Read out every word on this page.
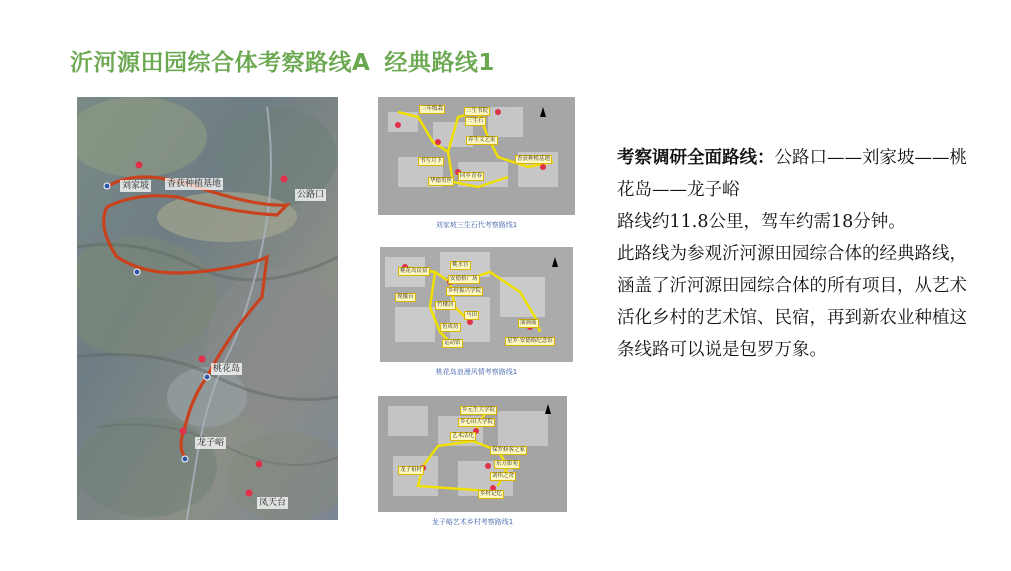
沂河源田园综合体考察路线A 经典路线1
刘家坡 香获种植基地
公路口
桃花岛
龙子峪
凤天台
三年级栽	三生书院
三生石
养生文艺家
香获种植基地
同乡青春
书写月下
华德男丝
刘家坡三生石代考察路线1
桃花岛民宿
桃水宫
安德格广场
现摄台
乡村振兴学院
竹楼居
马田
鱼成坊
运动馆
油画展
星罗·安德格纪念馆
桃花岛浪漫风情考察路线1
乡元生大学院
乡心田大学院
艺术活化
保罗修客之家
东方影苑
龙子祖村
刘伟之舍
乡村记忆
龙子峪艺术乡村考察路线1

考察调研全面路线：公路口——刘家坡——桃花岛——龙子峪

路线约11.8公里，驾车约需18分钟。

此路线为参观沂河源田园综合体的经典路线，涵盖了沂河源田园综合体的所有项目，从艺术活化乡村的艺术馆、民宿，再到新农业种植这条线路可以说是包罗万象。
